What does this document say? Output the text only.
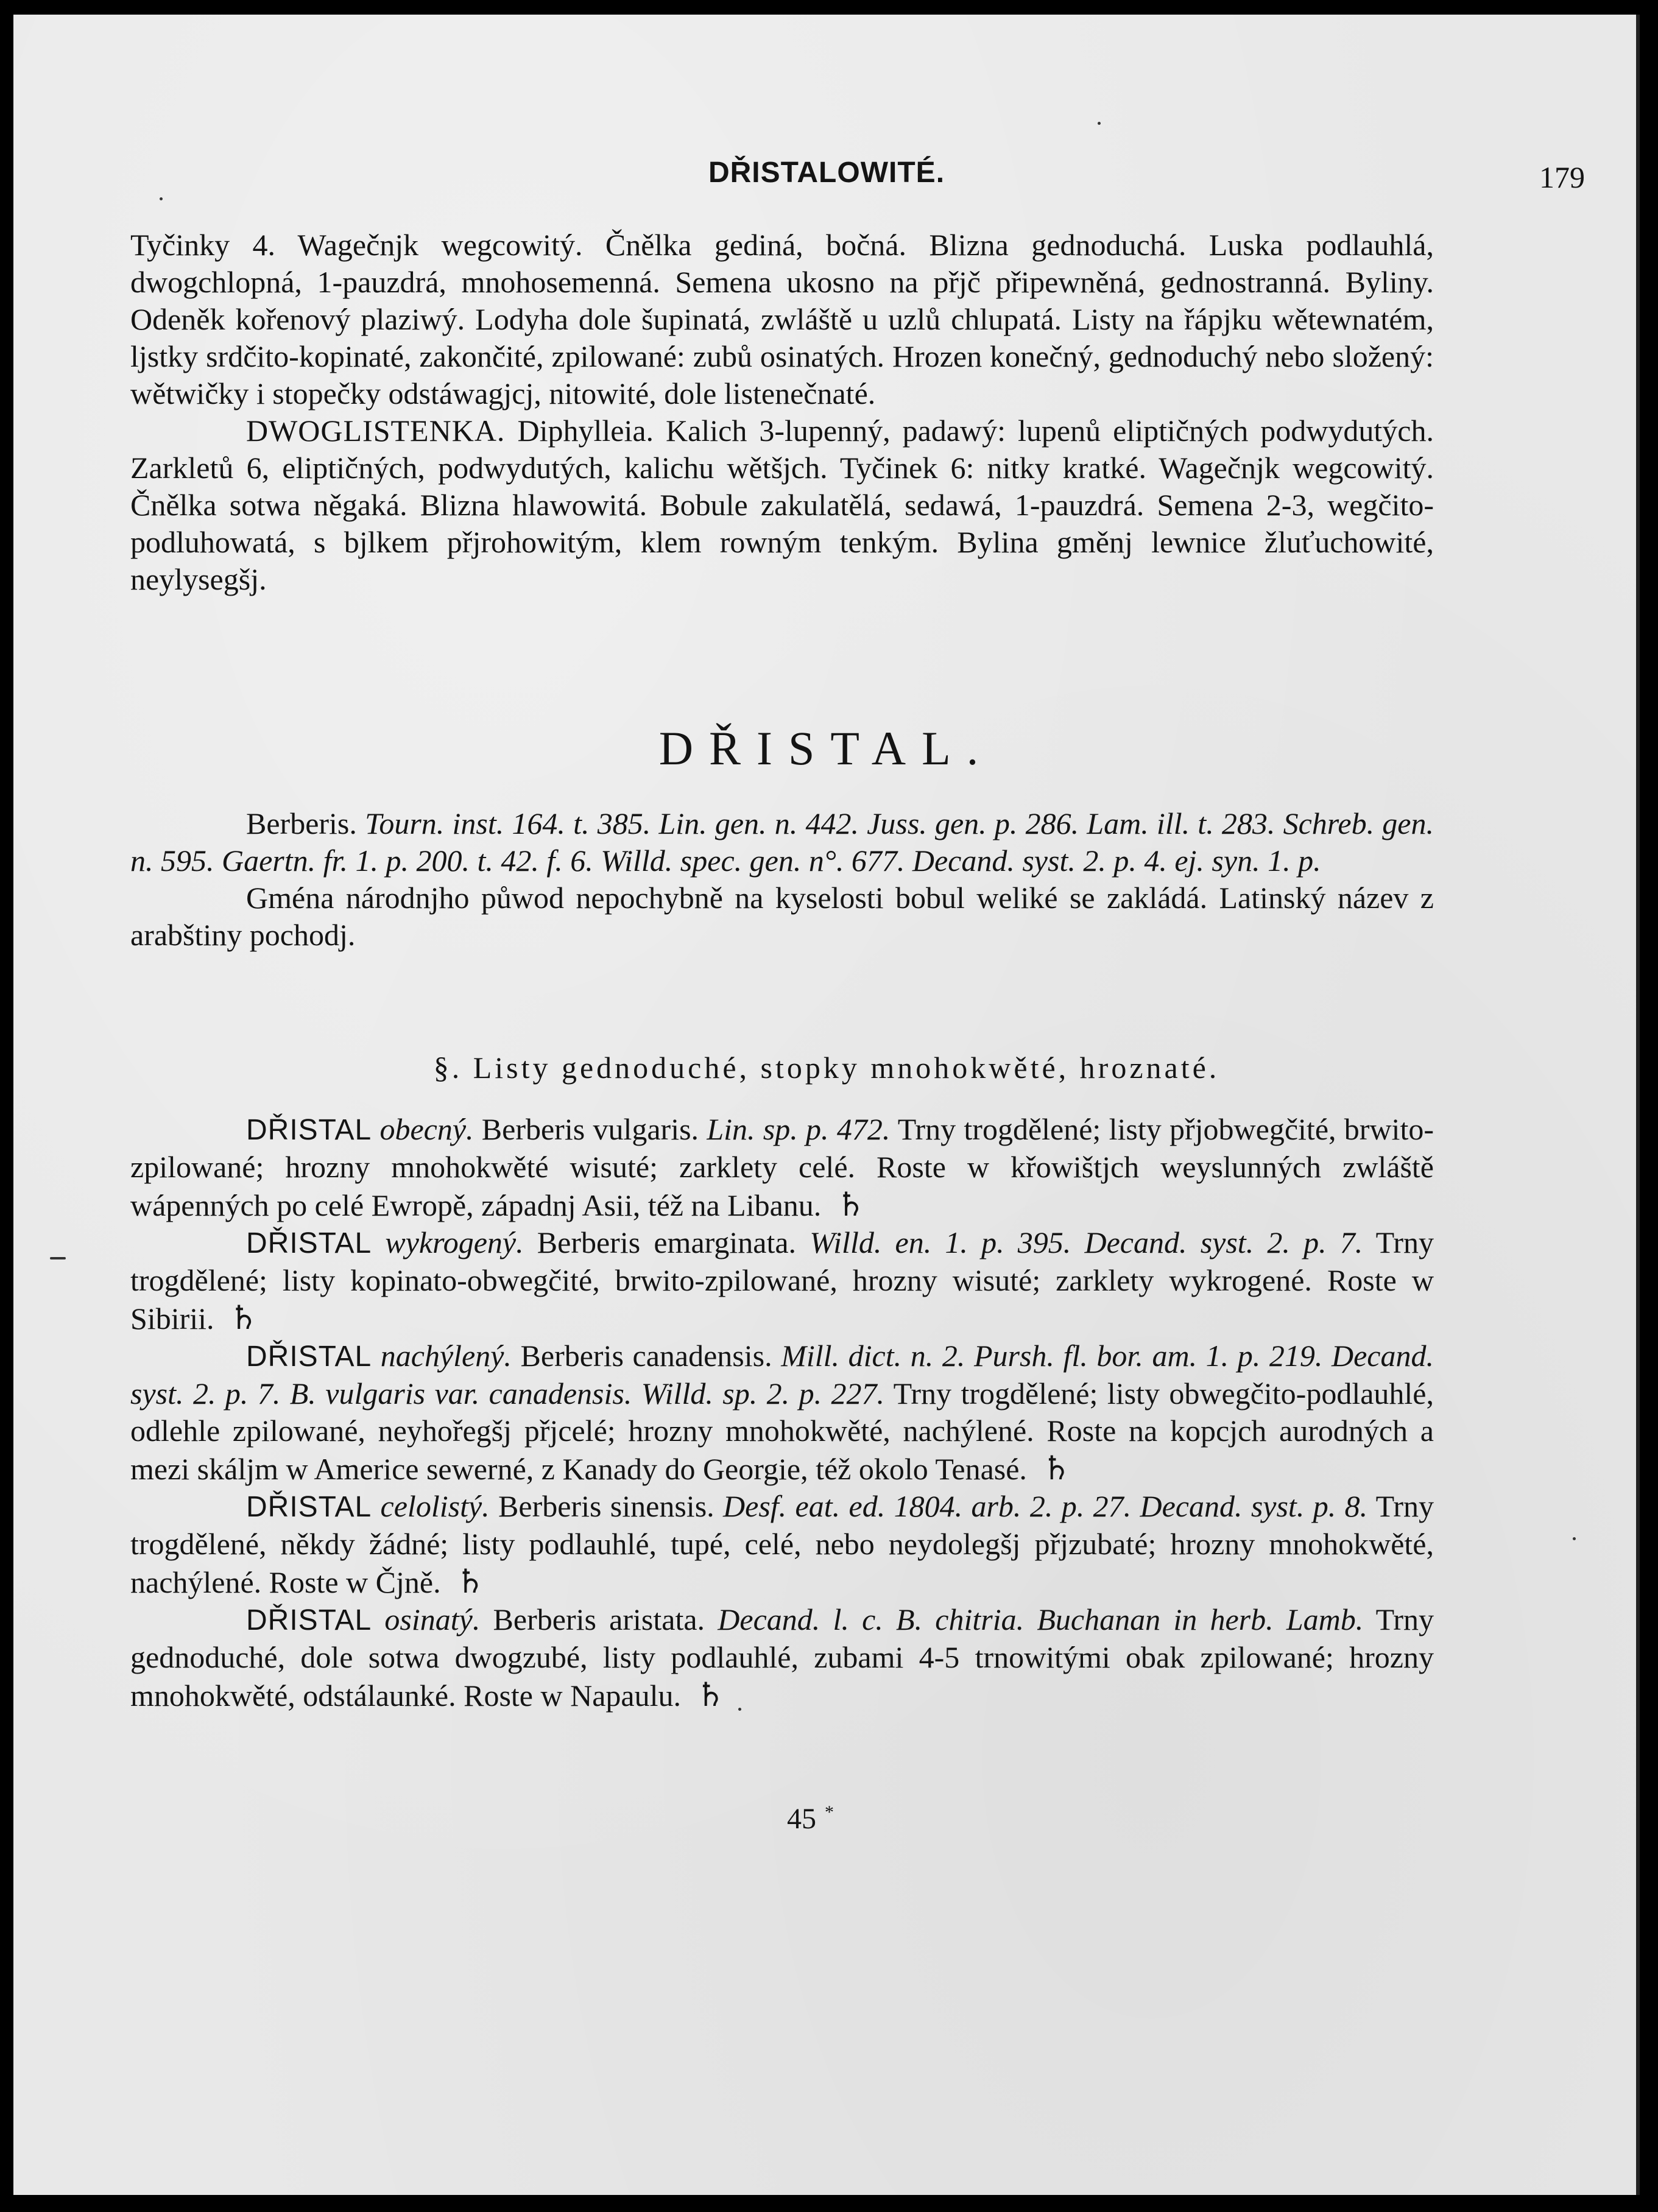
DŘISTALOWITÉ.	179

Tyčinky 4. Wagečnjk wegcowitý. Čnělka gediná, bočná. Blizna gednoduchá. Luska podlauhlá, dwogchlopná, 1-pauzdrá, mnohosemenná. Semena ukosno na přjč připewněná, gednostranná. Byliny. Odeněk kořenový plaziwý. Lodyha dole šupinatá, zwláště u uzlů chlupatá. Listy na řápjku wětewnatém, ljstky srdčito-kopinaté, zakončité, zpilowané: zubů osinatých. Hrozen konečný, gednoduchý nebo složený: wětwičky i stopečky odstáwagjcj, nitowité, dole listenečnaté.

DWOGLISTENKA. Diphylleia. Kalich 3-lupenný, padawý: lupenů eliptičných podwydutých. Zarkletů 6, eliptičných, podwydutých, kalichu wětšjch. Tyčinek 6: nitky kratké. Wagečnjk wegcowitý. Čnělka sotwa něgaká. Blizna hlawowitá. Bobule zakulatělá, sedawá, 1-pauzdrá. Semena 2-3, wegčito-podluhowatá, s bjlkem přjrohowitým, klem rowným tenkým. Bylina gměnj lewnice žluťuchowité, neylysegšj.

DŘISTAL.

Berberis. Tourn. inst. 164. t. 385. Lin. gen. n. 442. Juss. gen. p. 286. Lam. ill. t. 283. Schreb. gen. n. 595. Gaertn. fr. 1. p. 200. t. 42. f. 6. Willd. spec. gen. n°. 677. Decand. syst. 2. p. 4. ej. syn. 1. p.

Gména národnjho půwod nepochybně na kyselosti bobul weliké se zakládá. Latinský název z arabštiny pochodj.

§. Listy gednoduché, stopky mnohokwěté, hroznaté.

DŘISTAL obecný. Berberis vulgaris. Lin. sp. p. 472. Trny trogdělené; listy přjobwegčité, brwito-zpilowané; hrozny mnohokwěté wisuté; zarklety celé. Roste w křowištjch weyslunných zwláště wápenných po celé Ewropě, západnj Asii, též na Libanu. ♄

DŘISTAL wykrogený. Berberis emarginata. Willd. en. 1. p. 395. Decand. syst. 2. p. 7. Trny trogdělené; listy kopinato-obwegčité, brwito-zpilowané, hrozny wisuté; zarklety wykrogené. Roste w Sibirii. ♄

DŘISTAL nachýlený. Berberis canadensis. Mill. dict. n. 2. Pursh. fl. bor. am. 1. p. 219. Decand. syst. 2. p. 7. B. vulgaris var. canadensis. Willd. sp. 2. p. 227. Trny trogdělené; listy obwegčito-podlauhlé, odlehle zpilowané, neyhořegšj přjcelé; hrozny mnohokwěté, nachýlené. Roste na kopcjch aurodných a mezi skáljm w Americe sewerné, z Kanady do Georgie, též okolo Tenasé. ♄

DŘISTAL celolistý. Berberis sinensis. Desf. eat. ed. 1804. arb. 2. p. 27. Decand. syst. p. 8. Trny trogdělené, někdy žádné; listy podlauhlé, tupé, celé, nebo neydolegšj přjzubaté; hrozny mnohokwěté, nachýlené. Roste w Čjně. ♄

DŘISTAL osinatý. Berberis aristata. Decand. l. c. B. chitria. Buchanan in herb. Lamb. Trny gednoduché, dole sotwa dwogzubé, listy podlauhlé, zubami 4-5 trnowitými obak zpilowané; hrozny mnohokwěté, odstálaunké. Roste w Napaulu. ♄

45 *
